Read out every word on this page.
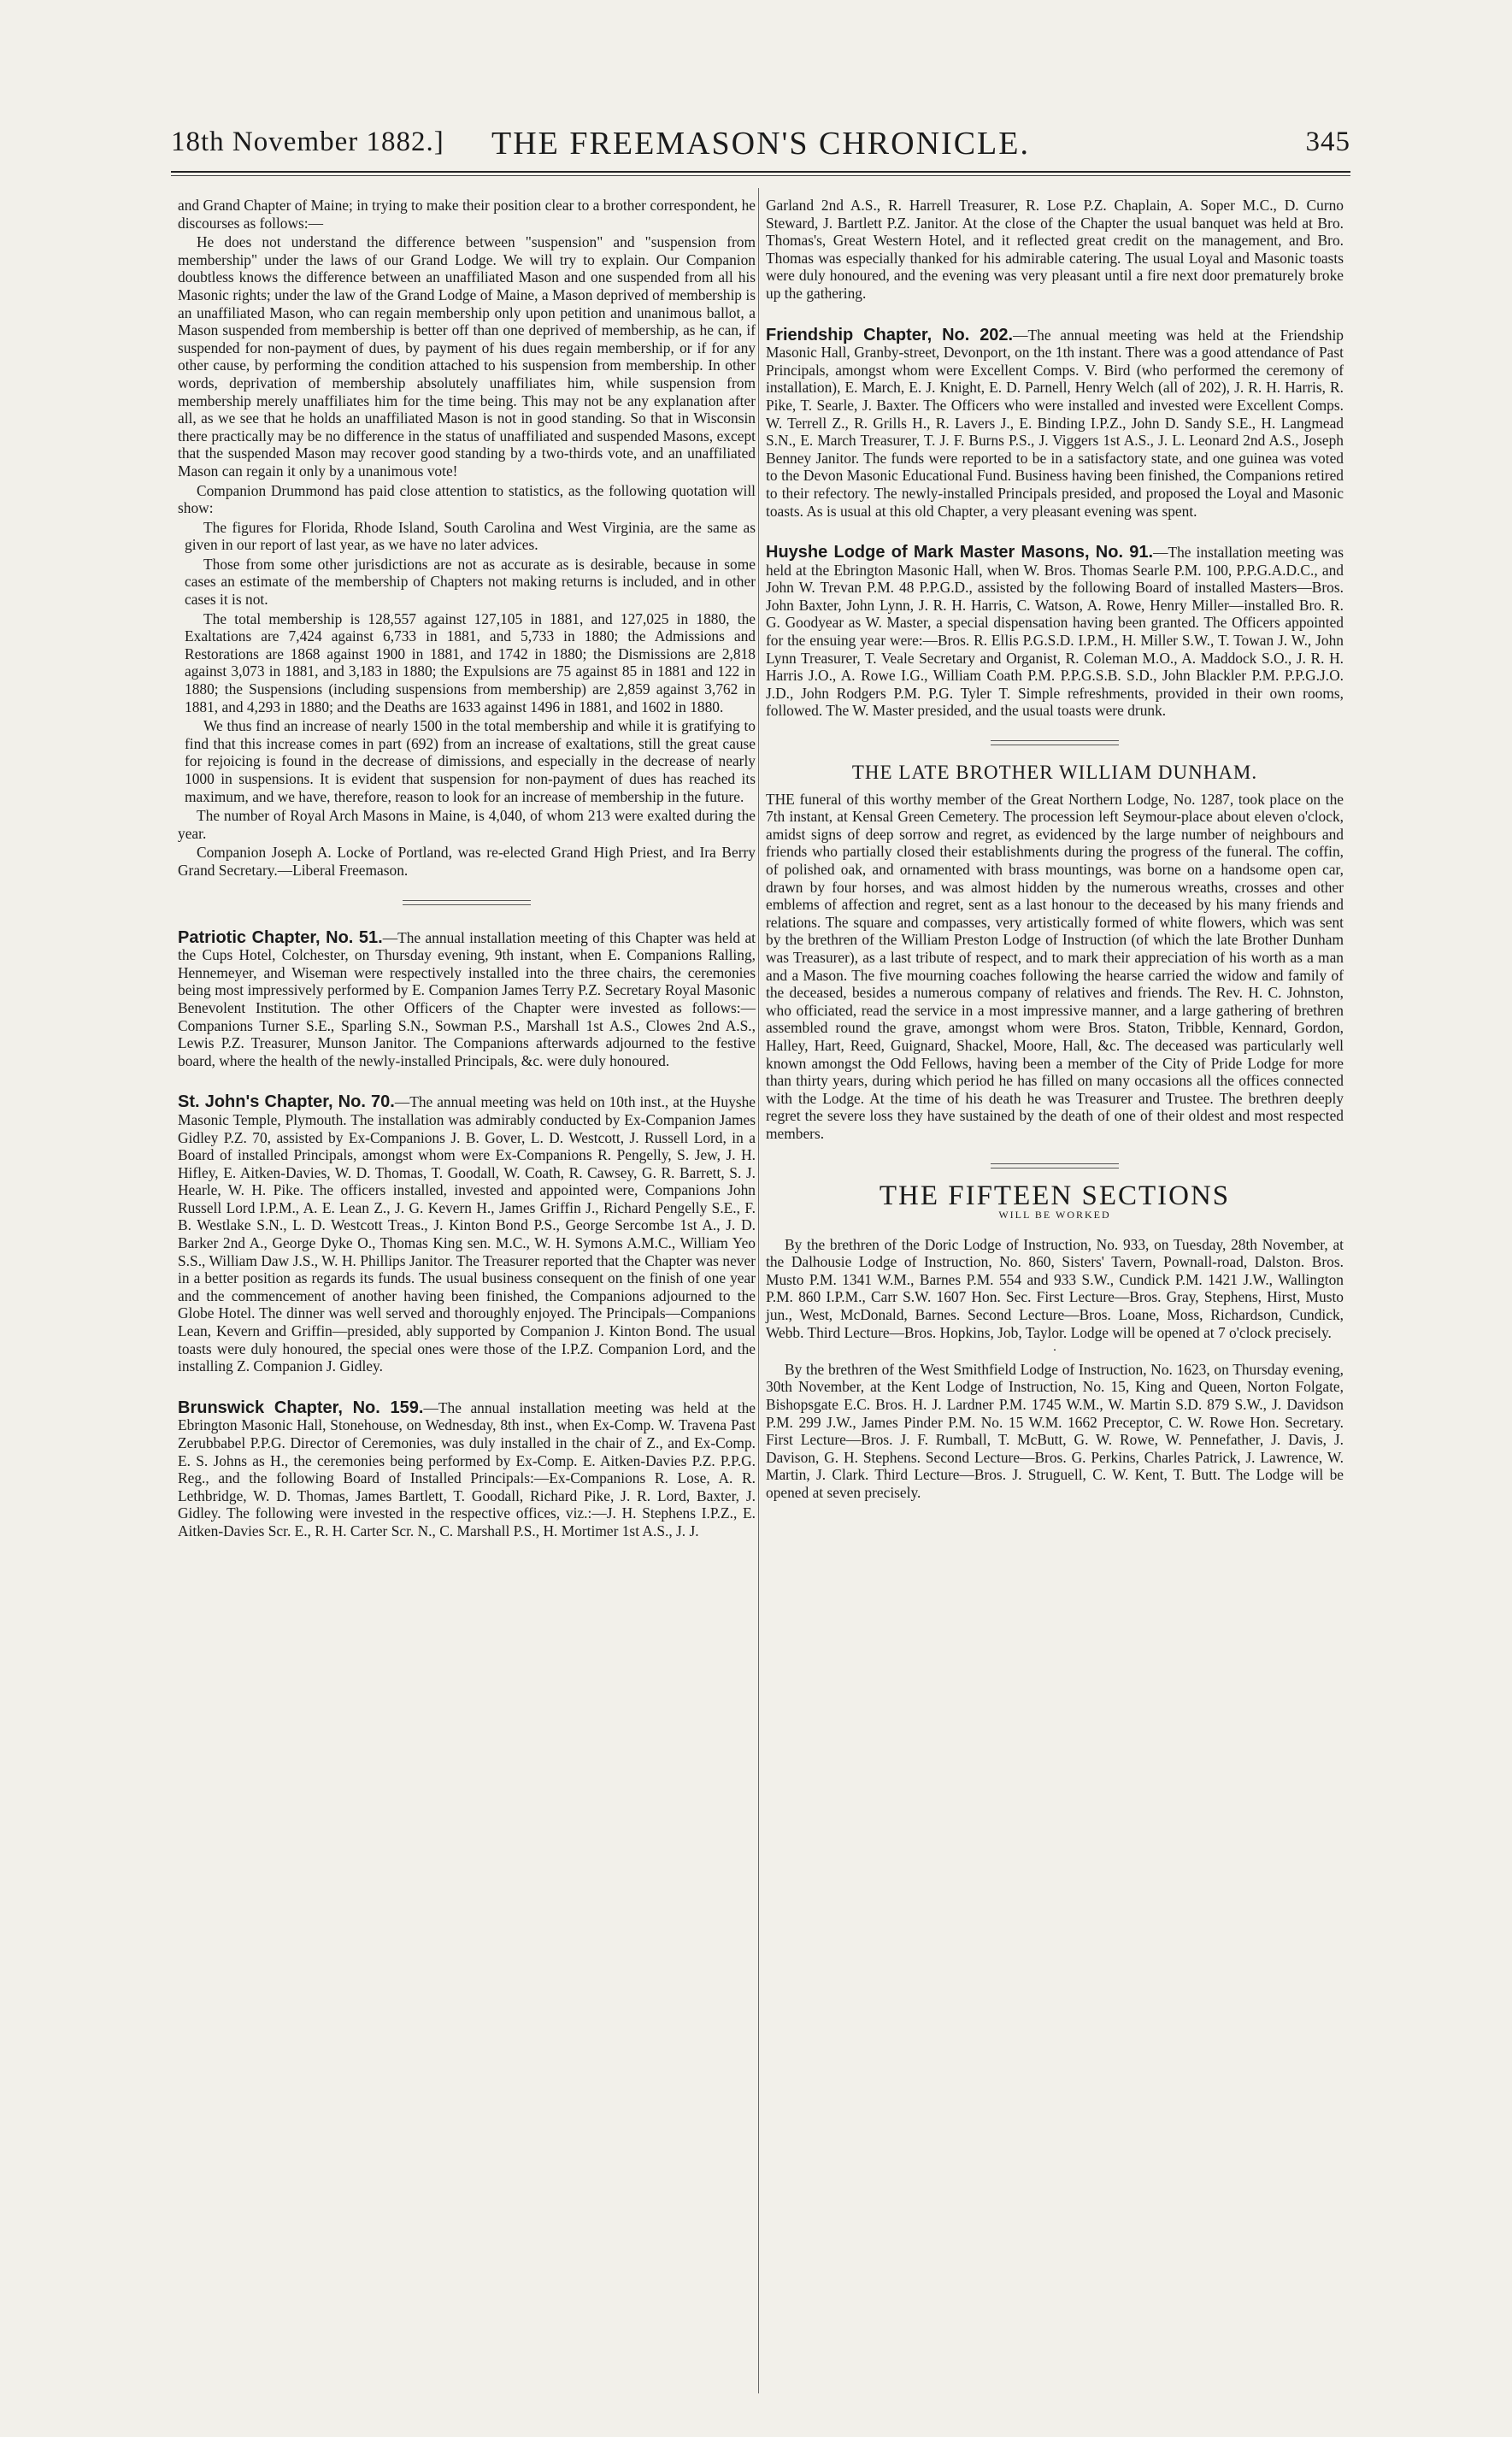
18th November 1882.]	THE FREEMASON'S CHRONICLE.	345

and Grand Chapter of Maine; in trying to make their position clear to a brother correspondent, he discourses as follows:—

He does not understand the difference between "suspension" and "suspension from membership" under the laws of our Grand Lodge. We will try to explain. Our Companion doubtless knows the difference between an unaffiliated Mason and one suspended from all his Masonic rights; under the law of the Grand Lodge of Maine, a Mason deprived of membership is an unaffiliated Mason, who can regain membership only upon petition and unanimous ballot, a Mason suspended from membership is better off than one deprived of membership, as he can, if suspended for non-payment of dues, by payment of his dues regain membership, or if for any other cause, by performing the condition attached to his suspension from membership. In other words, deprivation of membership absolutely unaffiliates him, while suspension from membership merely unaffiliates him for the time being. This may not be any explanation after all, as we see that he holds an unaffiliated Mason is not in good standing. So that in Wisconsin there practically may be no difference in the status of unaffiliated and suspended Masons, except that the suspended Mason may recover good standing by a two-thirds vote, and an unaffiliated Mason can regain it only by a unanimous vote!

Companion Drummond has paid close attention to statistics, as the following quotation will show:

The figures for Florida, Rhode Island, South Carolina and West Virginia, are the same as given in our report of last year, as we have no later advices.

Those from some other jurisdictions are not as accurate as is desirable, because in some cases an estimate of the membership of Chapters not making returns is included, and in other cases it is not.

The total membership is 128,557 against 127,105 in 1881, and 127,025 in 1880, the Exaltations are 7,424 against 6,733 in 1881, and 5,733 in 1880; the Admissions and Restorations are 1868 against 1900 in 1881, and 1742 in 1880; the Dismissions are 2,818 against 3,073 in 1881, and 3,183 in 1880; the Expulsions are 75 against 85 in 1881 and 122 in 1880; the Suspensions (including suspensions from membership) are 2,859 against 3,762 in 1881, and 4,293 in 1880; and the Deaths are 1633 against 1496 in 1881, and 1602 in 1880.

We thus find an increase of nearly 1500 in the total membership and while it is gratifying to find that this increase comes in part (692) from an increase of exaltations, still the great cause for rejoicing is found in the decrease of dimissions, and especially in the decrease of nearly 1000 in suspensions. It is evident that suspension for non-payment of dues has reached its maximum, and we have, therefore, reason to look for an increase of membership in the future.

The number of Royal Arch Masons in Maine, is 4,040, of whom 213 were exalted during the year.

Companion Joseph A. Locke of Portland, was re-elected Grand High Priest, and Ira Berry Grand Secretary.—Liberal Freemason.

Patriotic Chapter, No. 51.—The annual installation meeting of this Chapter was held at the Cups Hotel, Colchester, on Thursday evening, 9th instant, when E. Companions Ralling, Hennemeyer, and Wiseman were respectively installed into the three chairs, the ceremonies being most impressively performed by E. Companion James Terry P.Z. Secretary Royal Masonic Benevolent Institution. The other Officers of the Chapter were invested as follows:—Companions Turner S.E., Sparling S.N., Sowman P.S., Marshall 1st A.S., Clowes 2nd A.S., Lewis P.Z. Treasurer, Munson Janitor. The Companions afterwards adjourned to the festive board, where the health of the newly-installed Principals, &c. were duly honoured.

St. John's Chapter, No. 70.—The annual meeting was held on 10th inst., at the Huyshe Masonic Temple, Plymouth. The installation was admirably conducted by Ex-Companion James Gidley P.Z. 70, assisted by Ex-Companions J. B. Gover, L. D. Westcott, J. Russell Lord, in a Board of installed Principals, amongst whom were Ex-Companions R. Pengelly, S. Jew, J. H. Hifley, E. Aitken-Davies, W. D. Thomas, T. Goodall, W. Coath, R. Cawsey, G. R. Barrett, S. J. Hearle, W. H. Pike. The officers installed, invested and appointed were, Companions John Russell Lord I.P.M., A. E. Lean Z., J. G. Kevern H., James Griffin J., Richard Pengelly S.E., F. B. Westlake S.N., L. D. Westcott Treas., J. Kinton Bond P.S., George Sercombe 1st A., J. D. Barker 2nd A., George Dyke O., Thomas King sen. M.C., W. H. Symons A.M.C., William Yeo S.S., William Daw J.S., W. H. Phillips Janitor. The Treasurer reported that the Chapter was never in a better position as regards its funds. The usual business consequent on the finish of one year and the commencement of another having been finished, the Companions adjourned to the Globe Hotel. The dinner was well served and thoroughly enjoyed. The Principals—Companions Lean, Kevern and Griffin—presided, ably supported by Companion J. Kinton Bond. The usual toasts were duly honoured, the special ones were those of the I.P.Z. Companion Lord, and the installing Z. Companion J. Gidley.

Brunswick Chapter, No. 159.—The annual installation meeting was held at the Ebrington Masonic Hall, Stonehouse, on Wednesday, 8th inst., when Ex-Comp. W. Travena Past Zerubbabel P.P.G. Director of Ceremonies, was duly installed in the chair of Z., and Ex-Comp. E. S. Johns as H., the ceremonies being performed by Ex-Comp. E. Aitken-Davies P.Z. P.P.G. Reg., and the following Board of Installed Principals:—Ex-Companions R. Lose, A. R. Lethbridge, W. D. Thomas, James Bartlett, T. Goodall, Richard Pike, J. R. Lord, Baxter, J. Gidley. The following were invested in the respective offices, viz.:—J. H. Stephens I.P.Z., E. Aitken-Davies Scr. E., R. H. Carter Scr. N., C. Marshall P.S., H. Mortimer 1st A.S., J. J.

Garland 2nd A.S., R. Harrell Treasurer, R. Lose P.Z. Chaplain, A. Soper M.C., D. Curno Steward, J. Bartlett P.Z. Janitor. At the close of the Chapter the usual banquet was held at Bro. Thomas's, Great Western Hotel, and it reflected great credit on the management, and Bro. Thomas was especially thanked for his admirable catering. The usual Loyal and Masonic toasts were duly honoured, and the evening was very pleasant until a fire next door prematurely broke up the gathering.

Friendship Chapter, No. 202.—The annual meeting was held at the Friendship Masonic Hall, Granby-street, Devonport, on the 1th instant. There was a good attendance of Past Principals, amongst whom were Excellent Comps. V. Bird (who performed the ceremony of installation), E. March, E. J. Knight, E. D. Parnell, Henry Welch (all of 202), J. R. H. Harris, R. Pike, T. Searle, J. Baxter. The Officers who were installed and invested were Excellent Comps. W. Terrell Z., R. Grills H., R. Lavers J., E. Binding I.P.Z., John D. Sandy S.E., H. Langmead S.N., E. March Treasurer, T. J. F. Burns P.S., J. Viggers 1st A.S., J. L. Leonard 2nd A.S., Joseph Benney Janitor. The funds were reported to be in a satisfactory state, and one guinea was voted to the Devon Masonic Educational Fund. Business having been finished, the Companions retired to their refectory. The newly-installed Principals presided, and proposed the Loyal and Masonic toasts. As is usual at this old Chapter, a very pleasant evening was spent.

Huyshe Lodge of Mark Master Masons, No. 91.—The installation meeting was held at the Ebrington Masonic Hall, when W. Bros. Thomas Searle P.M. 100, P.P.G.A.D.C., and John W. Trevan P.M. 48 P.P.G.D., assisted by the following Board of installed Masters—Bros. John Baxter, John Lynn, J. R. H. Harris, C. Watson, A. Rowe, Henry Miller—installed Bro. R. G. Goodyear as W. Master, a special dispensation having been granted. The Officers appointed for the ensuing year were:—Bros. R. Ellis P.G.S.D. I.P.M., H. Miller S.W., T. Towan J. W., John Lynn Treasurer, T. Veale Secretary and Organist, R. Coleman M.O., A. Maddock S.O., J. R. H. Harris J.O., A. Rowe I.G., William Coath P.M. P.P.G.S.B. S.D., John Blackler P.M. P.P.G.J.O. J.D., John Rodgers P.M. P.G. Tyler T. Simple refreshments, provided in their own rooms, followed. The W. Master presided, and the usual toasts were drunk.

THE LATE BROTHER WILLIAM DUNHAM.

THE funeral of this worthy member of the Great Northern Lodge, No. 1287, took place on the 7th instant, at Kensal Green Cemetery. The procession left Seymour-place about eleven o'clock, amidst signs of deep sorrow and regret, as evidenced by the large number of neighbours and friends who partially closed their establishments during the progress of the funeral. The coffin, of polished oak, and ornamented with brass mountings, was borne on a handsome open car, drawn by four horses, and was almost hidden by the numerous wreaths, crosses and other emblems of affection and regret, sent as a last honour to the deceased by his many friends and relations. The square and compasses, very artistically formed of white flowers, which was sent by the brethren of the William Preston Lodge of Instruction (of which the late Brother Dunham was Treasurer), as a last tribute of respect, and to mark their appreciation of his worth as a man and a Mason. The five mourning coaches following the hearse carried the widow and family of the deceased, besides a numerous company of relatives and friends. The Rev. H. C. Johnston, who officiated, read the service in a most impressive manner, and a large gathering of brethren assembled round the grave, amongst whom were Bros. Staton, Tribble, Kennard, Gordon, Halley, Hart, Reed, Guignard, Shackel, Moore, Hall, &c. The deceased was particularly well known amongst the Odd Fellows, having been a member of the City of Pride Lodge for more than thirty years, during which period he has filled on many occasions all the offices connected with the Lodge. At the time of his death he was Treasurer and Trustee. The brethren deeply regret the severe loss they have sustained by the death of one of their oldest and most respected members.

THE FIFTEEN SECTIONS

WILL BE WORKED

By the brethren of the Doric Lodge of Instruction, No. 933, on Tuesday, 28th November, at the Dalhousie Lodge of Instruction, No. 860, Sisters' Tavern, Pownall-road, Dalston. Bros. Musto P.M. 1341 W.M., Barnes P.M. 554 and 933 S.W., Cundick P.M. 1421 J.W., Wallington P.M. 860 I.P.M., Carr S.W. 1607 Hon. Sec. First Lecture—Bros. Gray, Stephens, Hirst, Musto jun., West, McDonald, Barnes. Second Lecture—Bros. Loane, Moss, Richardson, Cundick, Webb. Third Lecture—Bros. Hopkins, Job, Taylor. Lodge will be opened at 7 o'clock precisely.

⋅

By the brethren of the West Smithfield Lodge of Instruction, No. 1623, on Thursday evening, 30th November, at the Kent Lodge of Instruction, No. 15, King and Queen, Norton Folgate, Bishopsgate E.C. Bros. H. J. Lardner P.M. 1745 W.M., W. Martin S.D. 879 S.W., J. Davidson P.M. 299 J.W., James Pinder P.M. No. 15 W.M. 1662 Preceptor, C. W. Rowe Hon. Secretary. First Lecture—Bros. J. F. Rumball, T. McButt, G. W. Rowe, W. Pennefather, J. Davis, J. Davison, G. H. Stephens. Second Lecture—Bros. G. Perkins, Charles Patrick, J. Lawrence, W. Martin, J. Clark. Third Lecture—Bros. J. Struguell, C. W. Kent, T. Butt. The Lodge will be opened at seven precisely.
